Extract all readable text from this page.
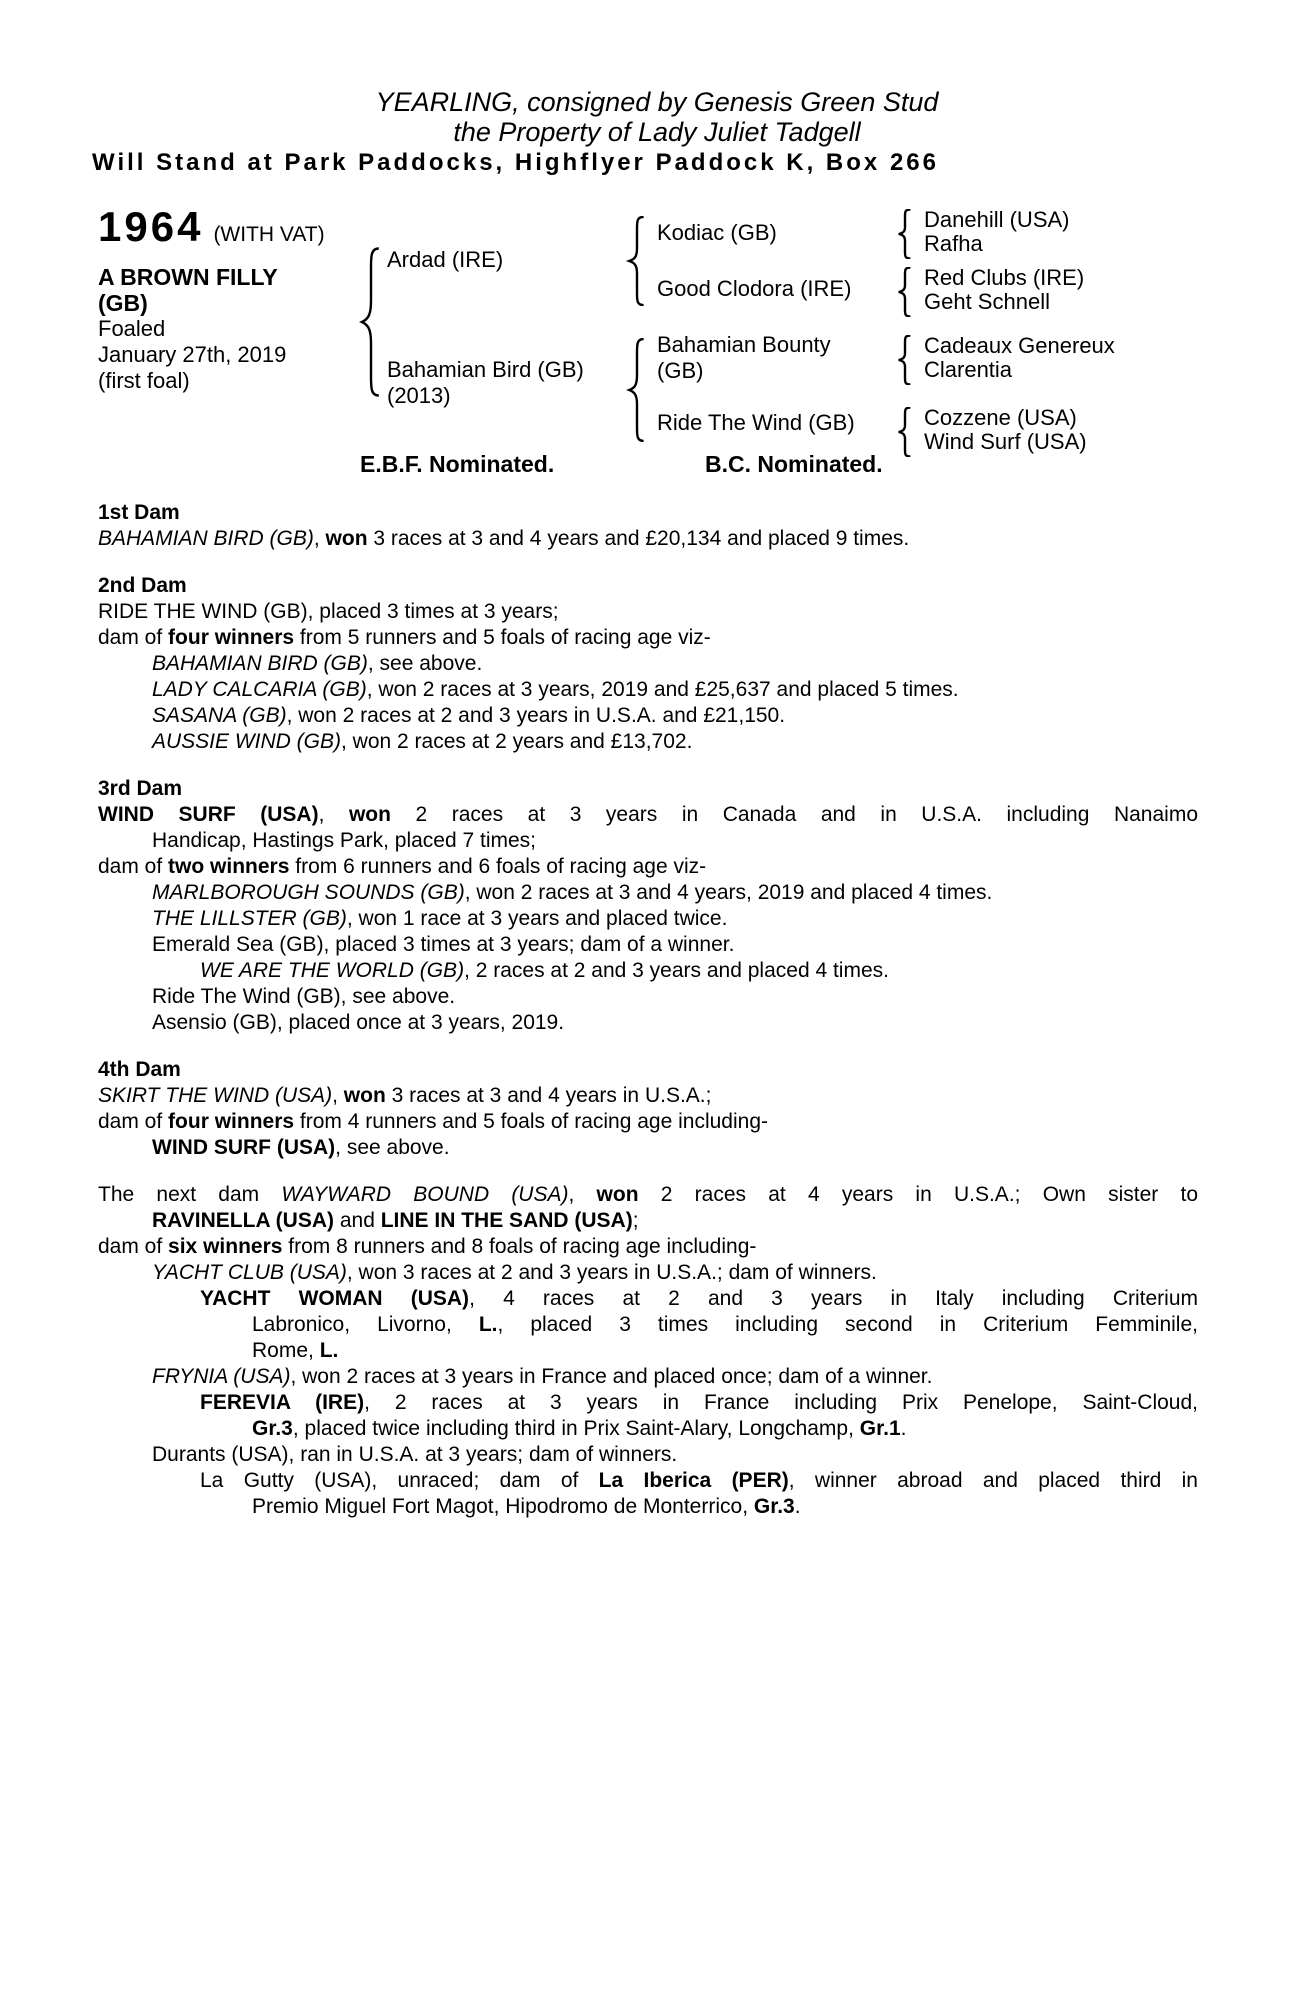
YEARLING, consigned by Genesis Green Stud
the Property of Lady Juliet Tadgell
Will Stand at Park Paddocks, Highflyer Paddock K, Box 266
1964 (WITH VAT)
A BROWN FILLY
(GB)
Foaled
January 27th, 2019
(first foal)
Ardad (IRE)
Bahamian Bird (GB)
(2013)
Kodiac (GB)
Good Clodora (IRE)
Bahamian Bounty
(GB)
Ride The Wind (GB)
Danehill (USA)
Rafha
Red Clubs (IRE)
Geht Schnell
Cadeaux Genereux
Clarentia
Cozzene (USA)
Wind Surf (USA)
E.B.F. Nominated.	B.C. Nominated.
1st Dam
BAHAMIAN BIRD (GB), won 3 races at 3 and 4 years and £20,134 and placed 9 times.
2nd Dam
RIDE THE WIND (GB), placed 3 times at 3 years;
dam of four winners from 5 runners and 5 foals of racing age viz-
BAHAMIAN BIRD (GB), see above.
LADY CALCARIA (GB), won 2 races at 3 years, 2019 and £25,637 and placed 5 times.
SASANA (GB), won 2 races at 2 and 3 years in U.S.A. and £21,150.
AUSSIE WIND (GB), won 2 races at 2 years and £13,702.
3rd Dam
WIND SURF (USA), won 2 races at 3 years in Canada and in U.S.A. including Nanaimo
Handicap, Hastings Park, placed 7 times;
dam of two winners from 6 runners and 6 foals of racing age viz-
MARLBOROUGH SOUNDS (GB), won 2 races at 3 and 4 years, 2019 and placed 4 times.
THE LILLSTER (GB), won 1 race at 3 years and placed twice.
Emerald Sea (GB), placed 3 times at 3 years; dam of a winner.
WE ARE THE WORLD (GB), 2 races at 2 and 3 years and placed 4 times.
Ride The Wind (GB), see above.
Asensio (GB), placed once at 3 years, 2019.
4th Dam
SKIRT THE WIND (USA), won 3 races at 3 and 4 years in U.S.A.;
dam of four winners from 4 runners and 5 foals of racing age including-
WIND SURF (USA), see above.
The next dam WAYWARD BOUND (USA), won 2 races at 4 years in U.S.A.; Own sister to
RAVINELLA (USA) and LINE IN THE SAND (USA);
dam of six winners from 8 runners and 8 foals of racing age including-
YACHT CLUB (USA), won 3 races at 2 and 3 years in U.S.A.; dam of winners.
YACHT WOMAN (USA), 4 races at 2 and 3 years in Italy including Criterium
Labronico, Livorno, L., placed 3 times including second in Criterium Femminile,
Rome, L.
FRYNIA (USA), won 2 races at 3 years in France and placed once; dam of a winner.
FEREVIA (IRE), 2 races at 3 years in France including Prix Penelope, Saint-Cloud,
Gr.3, placed twice including third in Prix Saint-Alary, Longchamp, Gr.1.
Durants (USA), ran in U.S.A. at 3 years; dam of winners.
La Gutty (USA), unraced; dam of La Iberica (PER), winner abroad and placed third in
Premio Miguel Fort Magot, Hipodromo de Monterrico, Gr.3.
